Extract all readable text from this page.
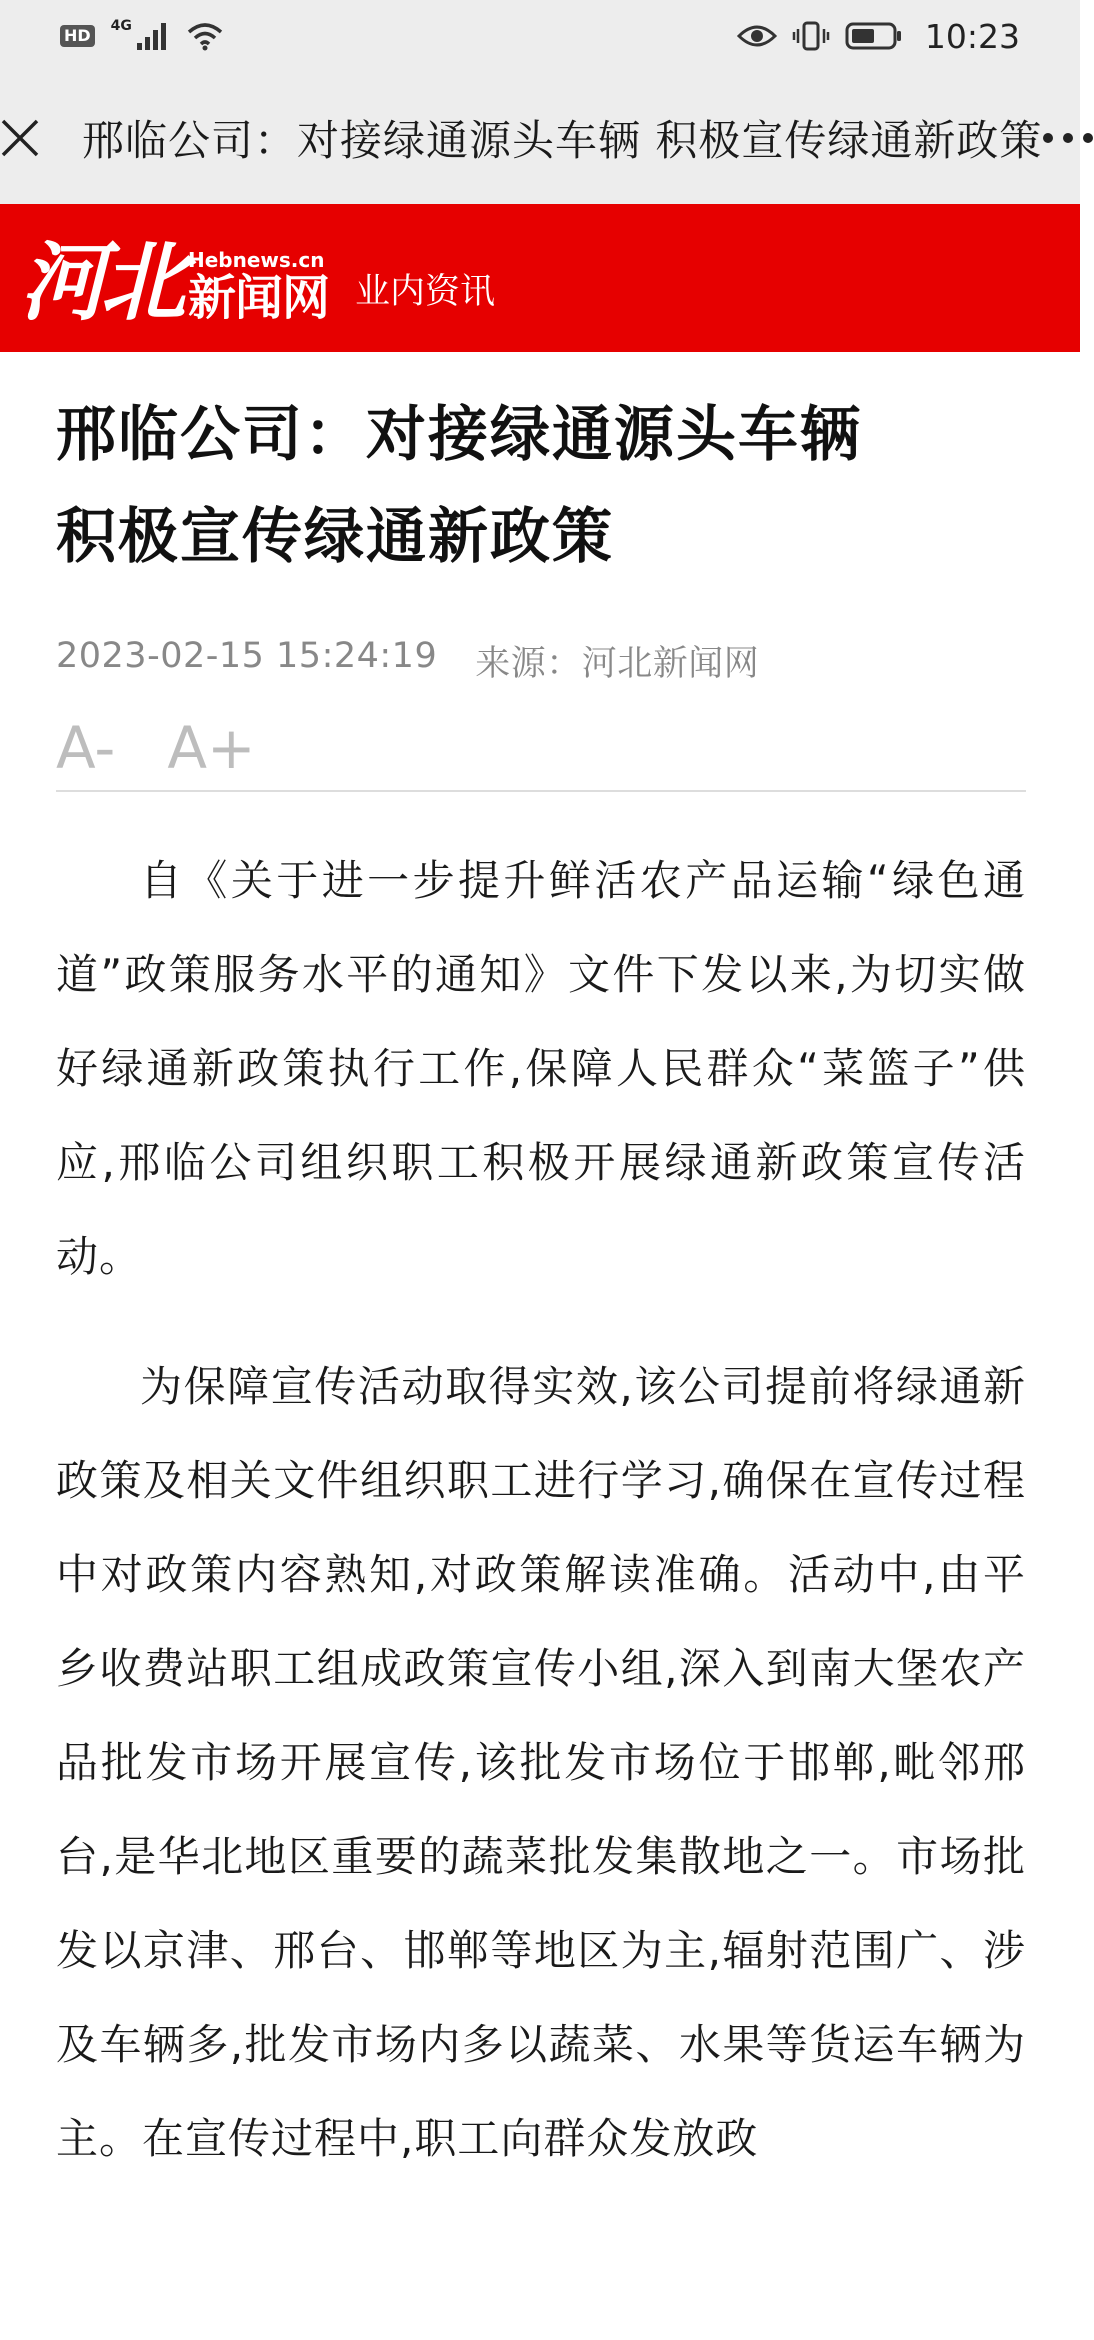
HD 4G	10:23
邢临公司：对接绿通源头车辆 积极宣传绿通新政策
河北 Hebnews.cn
新闻网 业内资讯
邢临公司：对接绿通源头车辆
积极宣传绿通新政策
2023-02-15 15:24:19 来源：河北新闻网
A- A+

自《关于进一步提升鲜活农产品运输“绿色通道”政策服务水平的通知》文件下发以来,为切实做好绿通新政策执行工作,保障人民群众“菜篮子”供应,邢临公司组织职工积极开展绿通新政策宣传活动。

为保障宣传活动取得实效,该公司提前将绿通新政策及相关文件组织职工进行学习,确保在宣传过程中对政策内容熟知,对政策解读准确。活动中,由平乡收费站职工组成政策宣传小组,深入到南大堡农产品批发市场开展宣传,该批发市场位于邯郸,毗邻邢台,是华北地区重要的蔬菜批发集散地之一。市场批发以京津、邢台、邯郸等地区为主,辐射范围广、涉及车辆多,批发市场内多以蔬菜、水果等货运车辆为主。在宣传过程中,职工向群众发放政
